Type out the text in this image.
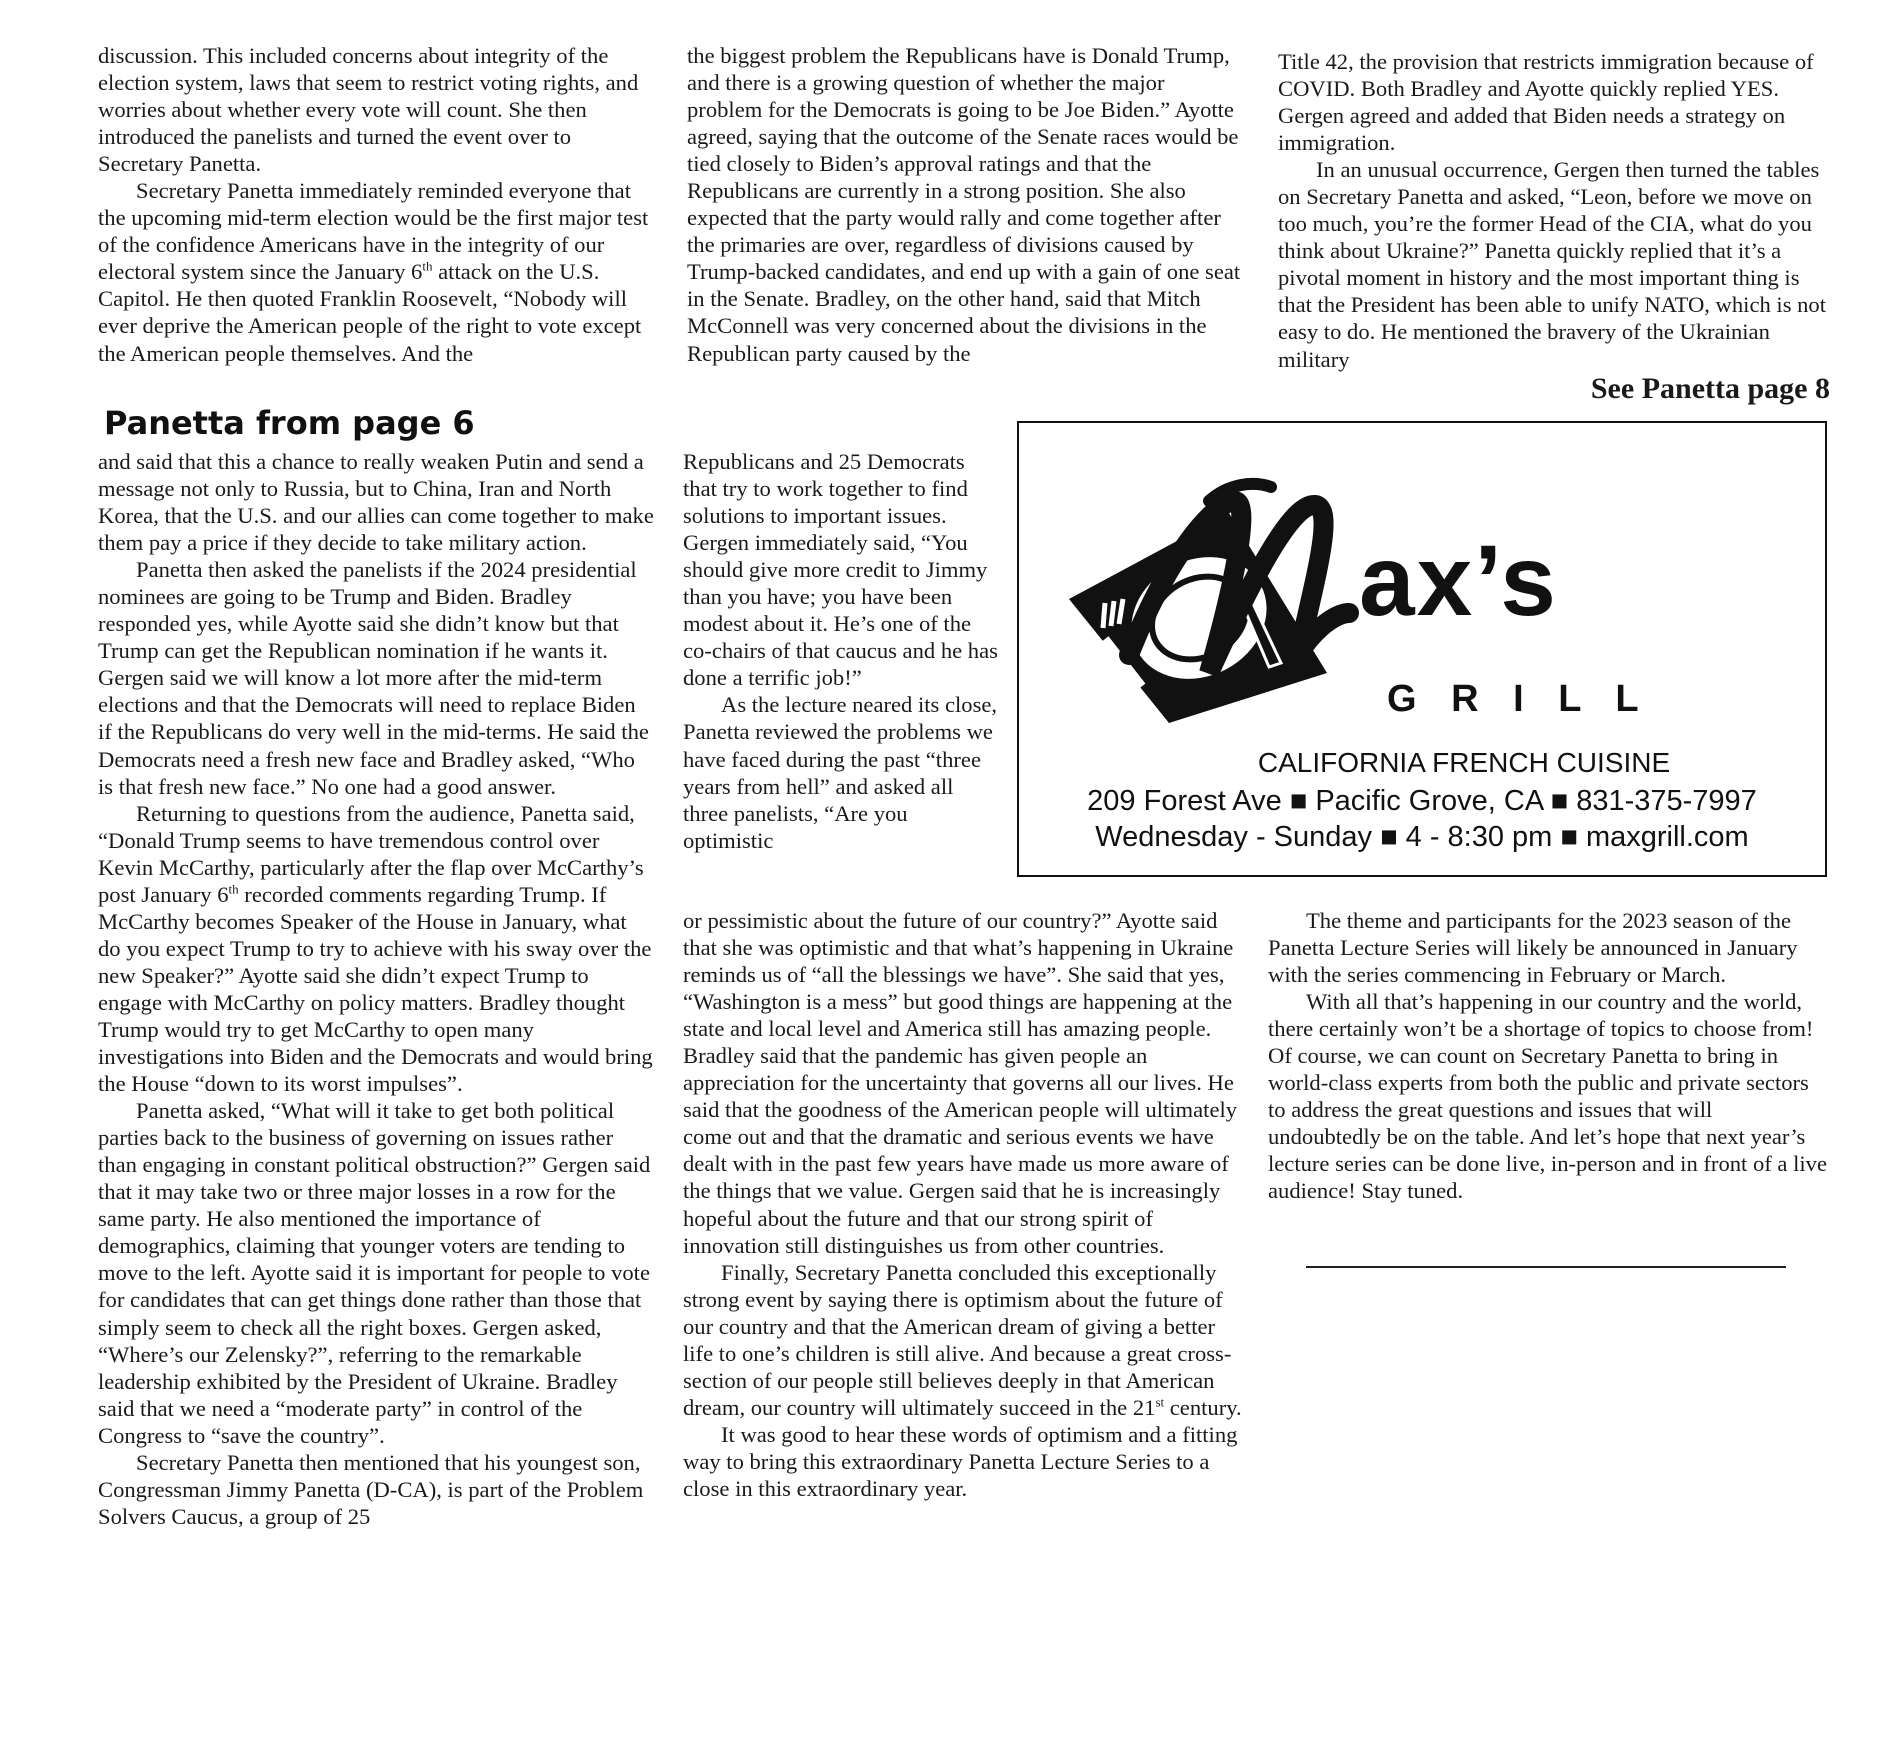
discussion. This included concerns about integrity of the election system, laws that seem to restrict voting rights, and worries about whether every vote will count. She then introduced the panelists and turned the event over to Secretary Panetta.

Secretary Panetta immediately reminded everyone that the upcoming mid-term election would be the first major test of the confidence Americans have in the integrity of our electoral system since the January 6th attack on the U.S. Capitol. He then quoted Franklin Roosevelt, “Nobody will ever deprive the American people of the right to vote except the American people themselves. And the

the biggest problem the Republicans have is Donald Trump, and there is a growing question of whether the major problem for the Democrats is going to be Joe Biden.” Ayotte agreed, saying that the outcome of the Senate races would be tied closely to Biden’s approval ratings and that the Republicans are currently in a strong position. She also expected that the party would rally and come together after the primaries are over, regardless of divisions caused by Trump-backed candidates, and end up with a gain of one seat in the Senate. Bradley, on the other hand, said that Mitch McConnell was very concerned about the divisions in the Republican party caused by the

Title 42, the provision that restricts immigration because of COVID. Both Bradley and Ayotte quickly replied YES. Gergen agreed and added that Biden needs a strategy on immigration.

In an unusual occurrence, Gergen then turned the tables on Secretary Panetta and asked, “Leon, before we move on too much, you’re the former Head of the CIA, what do you think about Ukraine?” Panetta quickly replied that it’s a pivotal moment in history and the most important thing is that the President has been able to unify NATO, which is not easy to do. He mentioned the bravery of the Ukrainian military

See Panetta page 8
Panetta from page 6

and said that this a chance to really weaken Putin and send a message not only to Russia, but to China, Iran and North Korea, that the U.S. and our allies can come together to make them pay a price if they decide to take military action.

Panetta then asked the panelists if the 2024 presidential nominees are going to be Trump and Biden. Bradley responded yes, while Ayotte said she didn’t know but that Trump can get the Republican nomination if he wants it. Gergen said we will know a lot more after the mid-term elections and that the Democrats will need to replace Biden if the Republicans do very well in the mid-terms. He said the Democrats need a fresh new face and Bradley asked, “Who is that fresh new face.” No one had a good answer.

Returning to questions from the audience, Panetta said, “Donald Trump seems to have tremendous control over Kevin McCarthy, particularly after the flap over McCarthy’s post January 6th recorded comments regarding Trump. If McCarthy becomes Speaker of the House in January, what do you expect Trump to try to achieve with his sway over the new Speaker?” Ayotte said she didn’t expect Trump to engage with McCarthy on policy matters. Bradley thought Trump would try to get McCarthy to open many investigations into Biden and the Democrats and would bring the House “down to its worst impulses”.

Panetta asked, “What will it take to get both political parties back to the business of governing on issues rather than engaging in constant political obstruction?” Gergen said that it may take two or three major losses in a row for the same party. He also mentioned the importance of demographics, claiming that younger voters are tending to move to the left. Ayotte said it is important for people to vote for candidates that can get things done rather than those that simply seem to check all the right boxes. Gergen asked, “Where’s our Zelensky?”, referring to the remarkable leadership exhibited by the President of Ukraine. Bradley said that we need a “moderate party” in control of the Congress to “save the country”.

Secretary Panetta then mentioned that his youngest son, Congressman Jimmy Panetta (D-CA), is part of the Problem Solvers Caucus, a group of 25

Republicans and 25 Democrats that try to work together to find solutions to important issues. Gergen immediately said, “You should give more credit to Jimmy than you have; you have been modest about it. He’s one of the co-chairs of that caucus and he has done a terrific job!”

As the lecture neared its close, Panetta reviewed the problems we have faced during the past “three years from hell” and asked all three panelists, “Are you optimistic

or pessimistic about the future of our country?” Ayotte said that she was optimistic and that what’s happening in Ukraine reminds us of “all the blessings we have”. She said that yes, “Washington is a mess” but good things are happening at the state and local level and America still has amazing people. Bradley said that the pandemic has given people an appreciation for the uncertainty that governs all our lives. He said that the goodness of the American people will ultimately come out and that the dramatic and serious events we have dealt with in the past few years have made us more aware of the things that we value. Gergen said that he is increasingly hopeful about the future and that our strong spirit of innovation still distinguishes us from other countries.

Finally, Secretary Panetta concluded this exceptionally strong event by saying there is optimism about the future of our country and that the American dream of giving a better life to one’s children is still alive. And because a great cross-section of our people still believes deeply in that American dream, our country will ultimately succeed in the 21st century.

It was good to hear these words of optimism and a fitting way to bring this extraordinary Panetta Lecture Series to a close in this extraordinary year.

The theme and participants for the 2023 season of the Panetta Lecture Series will likely be announced in January with the series commencing in February or March.

With all that’s happening in our country and the world, there certainly won’t be a shortage of topics to choose from! Of course, we can count on Secretary Panetta to bring in world-class experts from both the public and private sectors to address the great questions and issues that will undoubtedly be on the table. And let’s hope that next year’s lecture series can be done live, in-person and in front of a live audience! Stay tuned.

ax’s
G R I L L
CALIFORNIA FRENCH CUISINE
209 Forest Ave ■ Pacific Grove, CA ■ 831-375-7997
Wednesday - Sunday ■ 4 - 8:30 pm ■ maxgrill.com
